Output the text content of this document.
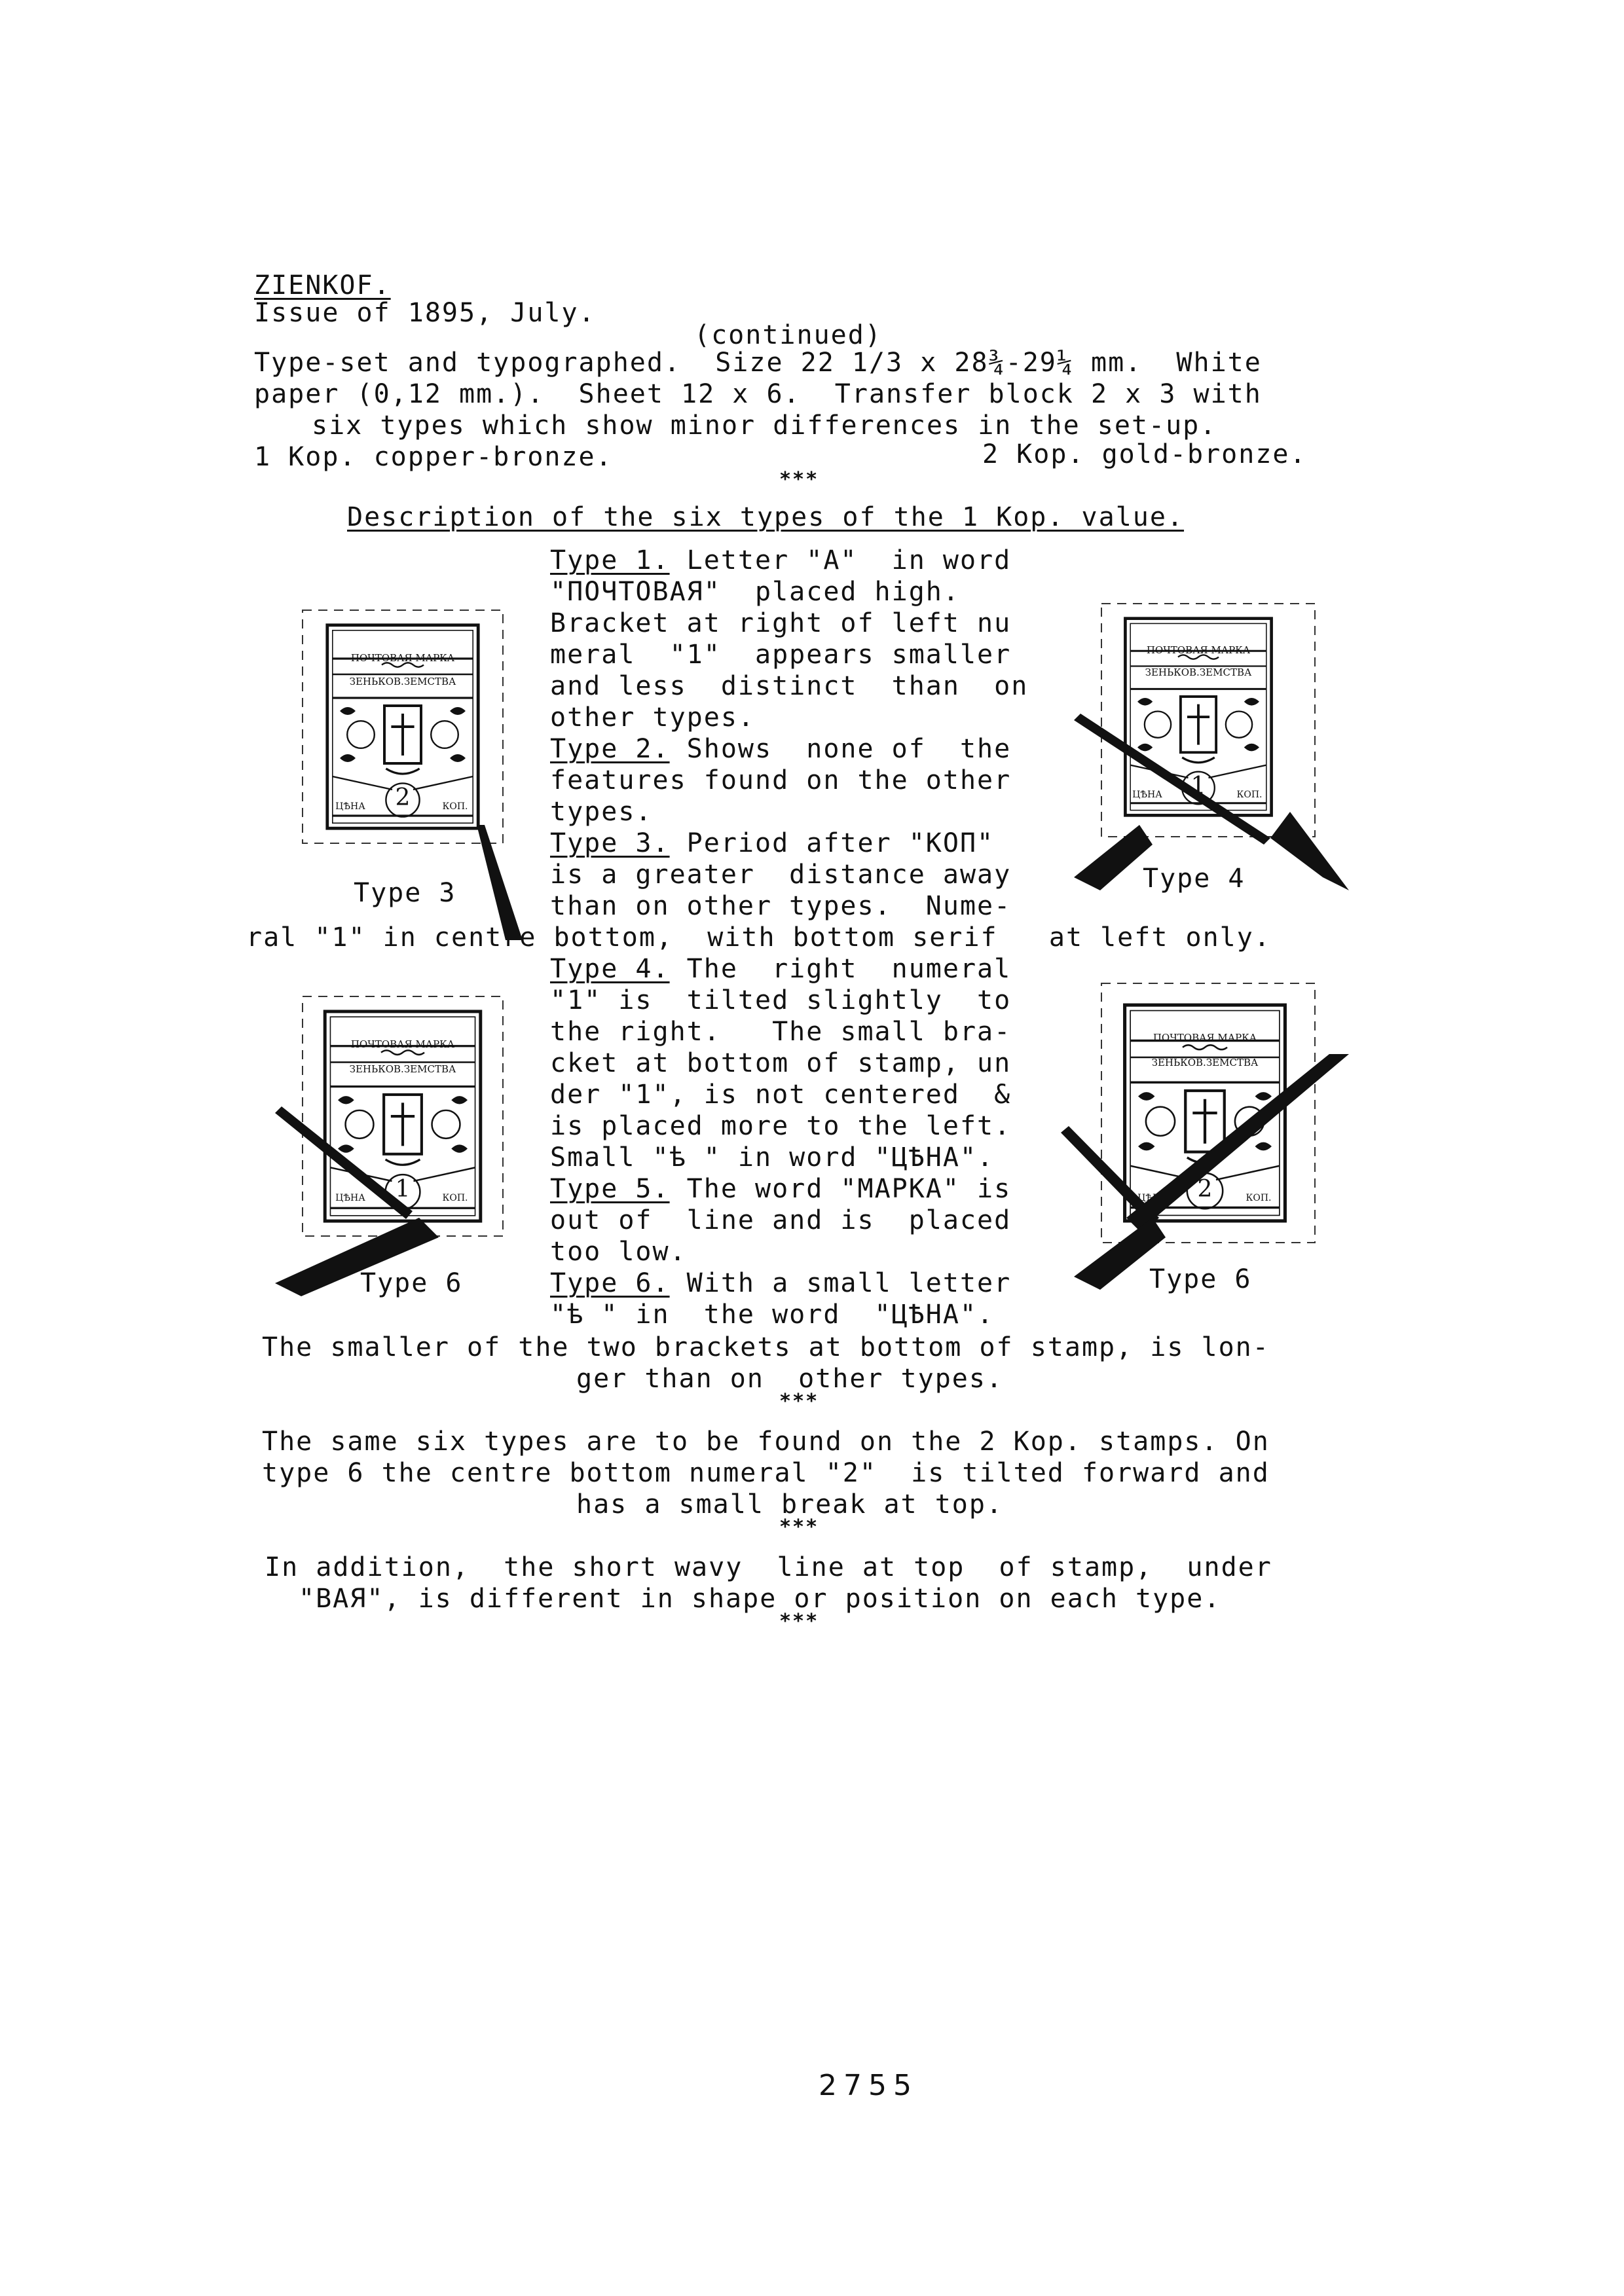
ZIENKOF.
Issue of 1895, July.
(continued)
Type-set and typographed.  Size 22 1/3 x 28¾-29¼ mm.  White
paper (0,12 mm.).  Sheet 12 x 6.  Transfer block 2 x 3 with
six types which show minor differences in the set-up.
1 Kop. copper-bronze.	2 Kop. gold-bronze.
***
Description of the six types of the 1 Kop. value.
Type 1. Letter "A"  in word
"ПОЧТОВАЯ"  placed high.
Bracket at right of left nu
meral  "1"  appears smaller
and less  distinct  than  on
other types.
Type 2. Shows  none of  the
features found on the other
types.
Type 3. Period after "КОП"
is a greater  distance away
than on other types.  Nume-
ral "1" in centre bottom,  with bottom serif   at left only.
Type 4. The  right  numeral
"1" is  tilted slightly  to
the right.   The small bra-
cket at bottom of stamp, un
der "1", is not centered  &
is placed more to the left.
Small "ѣ " in word "ЦѢНА".
Type 5. The word "МАРКА" is
out of  line and is  placed
too low.
Type 6. With a small letter
"ѣ " in  the word  "ЦѢНА".
The smaller of the two brackets at bottom of stamp, is lon-
ger than on  other types.
***
The same six types are to be found on the 2 Kop. stamps. On
type 6 the centre bottom numeral "2"  is tilted forward and
has a small break at top.
***
In addition,  the short wavy  line at top  of stamp,  under
"ВАЯ", is different in shape or position on each type.
***
ПОЧТОВАЯ МАРКА
ЗЕНЬКОВ.ЗЕМСТВА
2
ЦѢНА	КОП.
Type 3
ПОЧТОВАЯ МАРКА
ЗЕНЬКОВ.ЗЕМСТВА
1
ЦѢНА	КОП.
Type 4
ПОЧТОВАЯ МАРКА
ЗЕНЬКОВ.ЗЕМСТВА
1
ЦѢНА	КОП.
Type 6
ПОЧТОВАЯ МАРКА
ЗЕНЬКОВ.ЗЕМСТВА
2	КОП.
Type 6
2755
